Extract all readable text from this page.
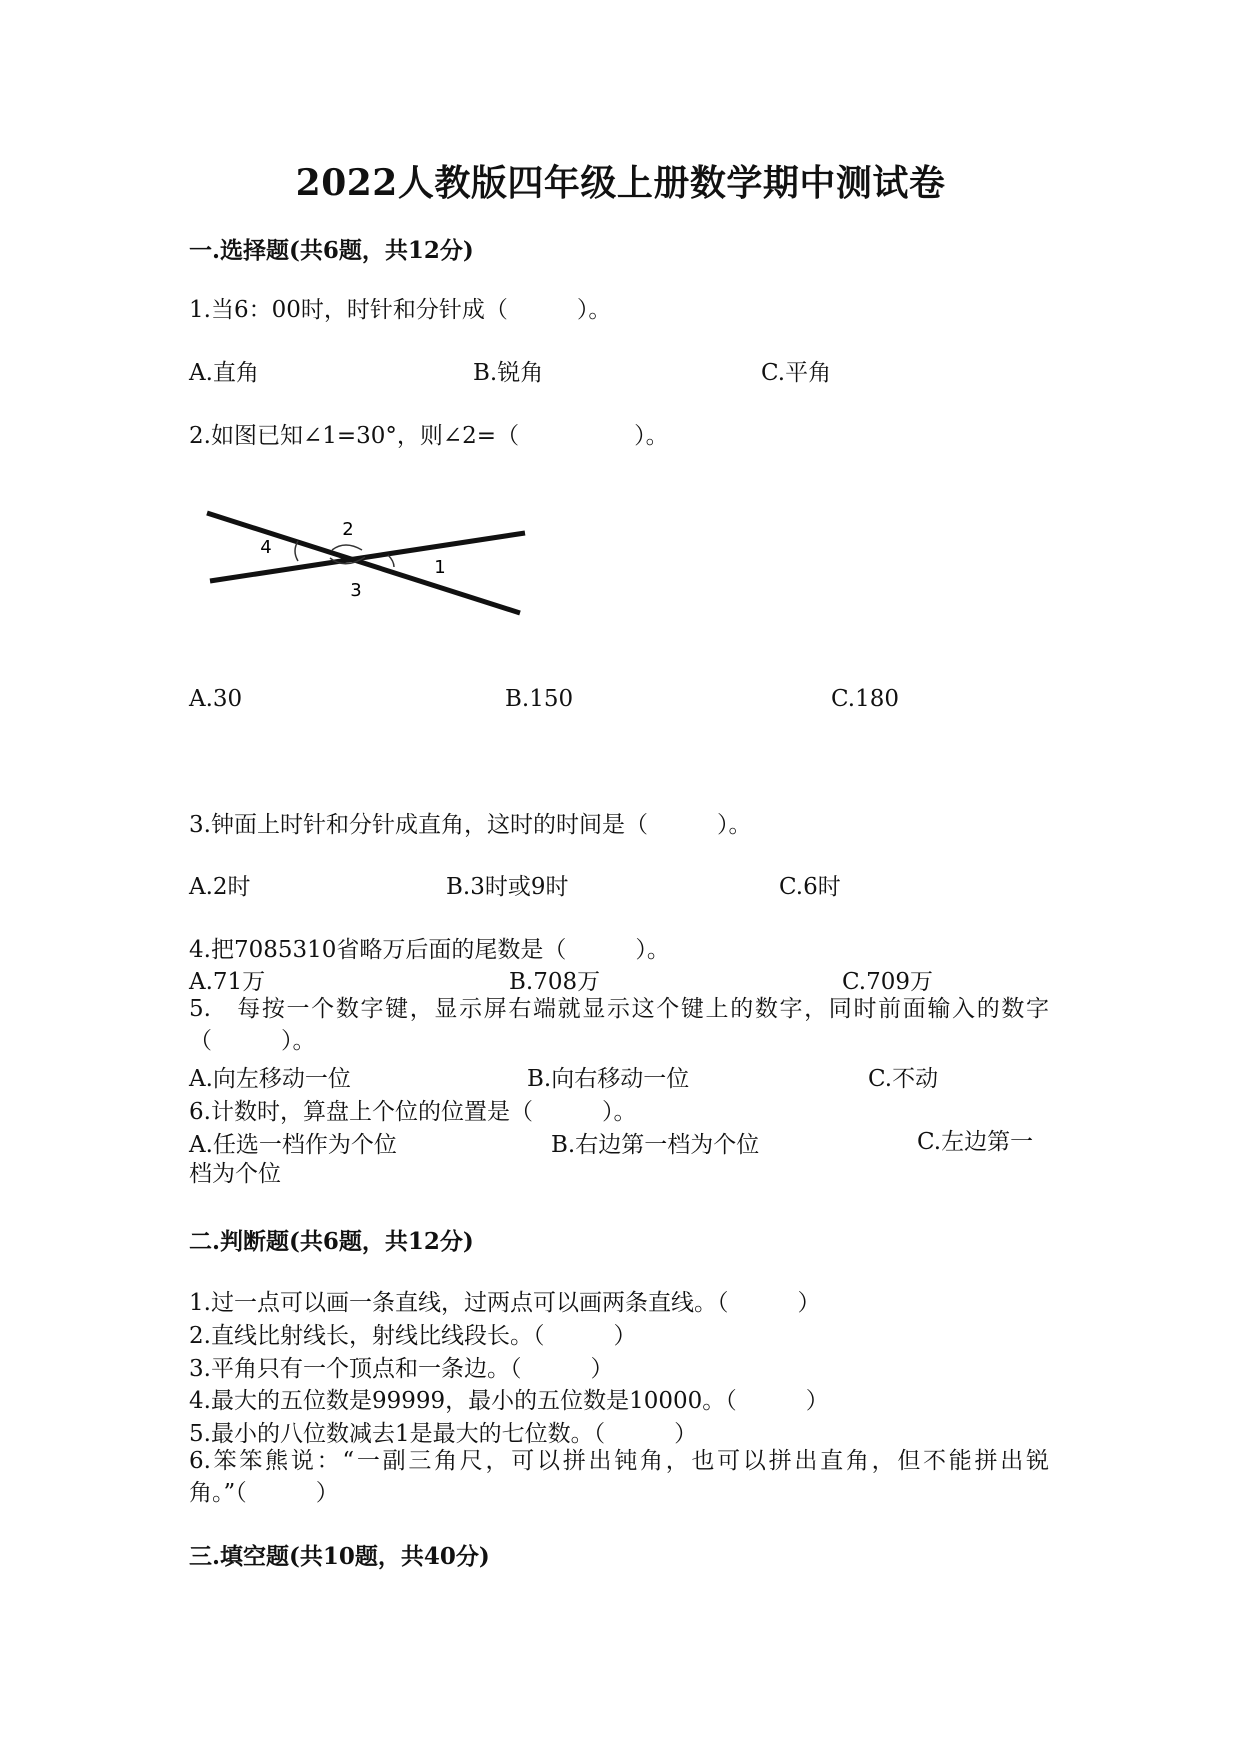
2022人教版四年级上册数学期中测试卷
一.选择题(共6题，共12分)
1.当6：00时，时针和分针成（　　　）。
A.直角	B.锐角	C.平角
2.如图已知∠1=30°，则∠2=（　　　　　）。
2
4
3
1
A.30	B.150	C.180
3.钟面上时针和分针成直角，这时的时间是（　　　）。
A.2时	B.3时或9时	C.6时
4.把7085310省略万后面的尾数是（　　　）。
A.71万	B.708万	C.709万
5.　每按一个数字键，显示屏右端就显示这个键上的数字，同时前面输入的数字（　　　）。
A.向左移动一位	B.向右移动一位	C.不动
6.计数时，算盘上个位的位置是（　　　）。
A.任选一档作为个位	B.右边第一档为个位	C.左边第一档为个位
二.判断题(共6题，共12分)
1.过一点可以画一条直线，过两点可以画两条直线。（　　　）
2.直线比射线长，射线比线段长。（　　　）
3.平角只有一个顶点和一条边。（　　　）
4.最大的五位数是99999，最小的五位数是10000。（　　　）
5.最小的八位数减去1是最大的七位数。（　　　）
6.笨笨熊说：“一副三角尺，可以拼出钝角，也可以拼出直角，但不能拼出锐角。”（　　　）
三.填空题(共10题，共40分)
